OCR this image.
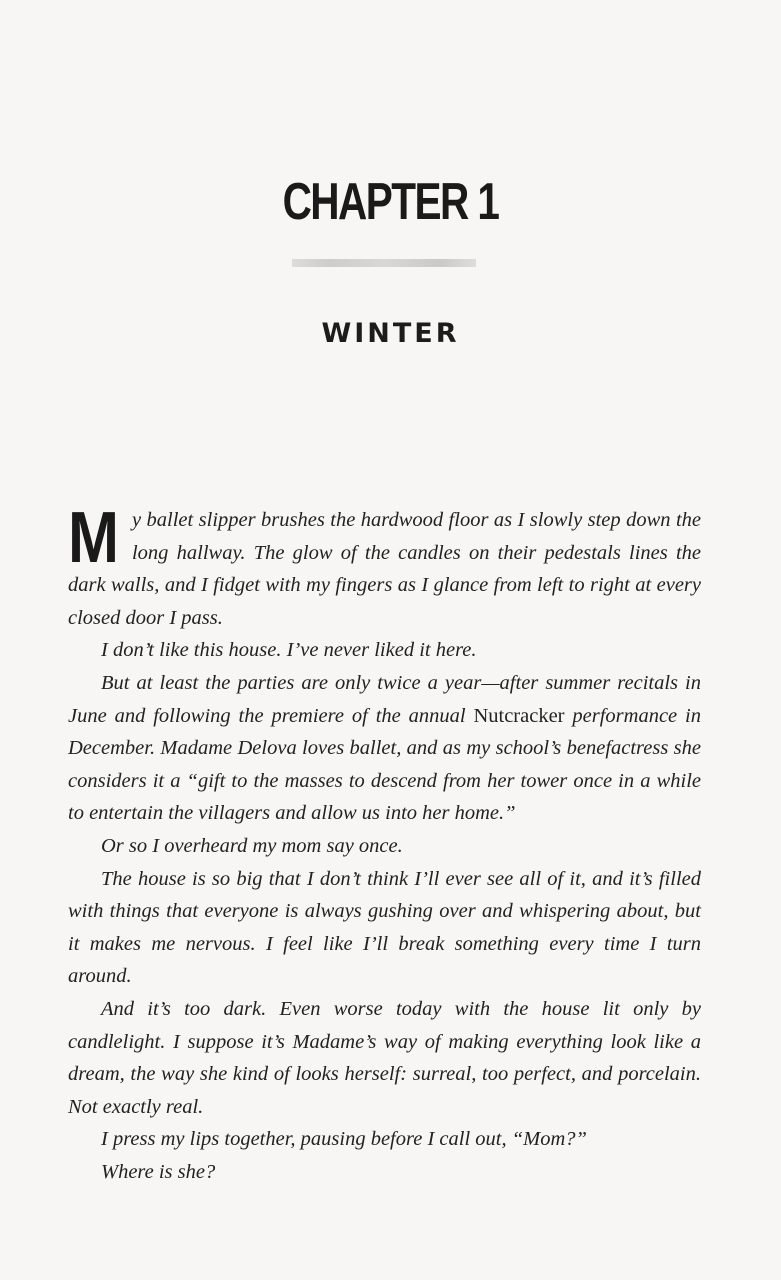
CHAPTER 1
WINTER

My ballet slipper brushes the hardwood floor as I slowly step down the long hallway. The glow of the candles on their pedestals lines the dark walls, and I fidget with my fingers as I glance from left to right at every closed door I pass.

I don’t like this house. I’ve never liked it here.

But at least the parties are only twice a year—after summer recitals in June and following the premiere of the annual Nutcracker performance in December. Madame Delova loves ballet, and as my school’s benefactress she considers it a “gift to the masses to descend from her tower once in a while to entertain the villagers and allow us into her home.”

Or so I overheard my mom say once.

The house is so big that I don’t think I’ll ever see all of it, and it’s filled with things that everyone is always gushing over and whispering about, but it makes me nervous. I feel like I’ll break something every time I turn around.

And it’s too dark. Even worse today with the house lit only by candlelight. I suppose it’s Madame’s way of making everything look like a dream, the way she kind of looks herself: surreal, too perfect, and porcelain. Not exactly real.

I press my lips together, pausing before I call out, “Mom?”

Where is she?
